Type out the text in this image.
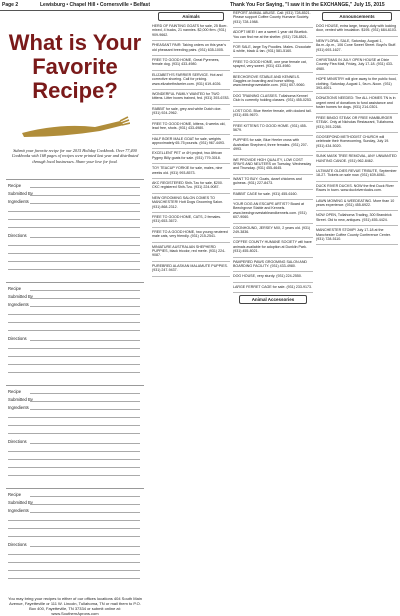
Page 2	Lewisburg • Chapel Hill • Cornersville • Belfast	Thank You For Saying, "I saw it in the EXCHANGE," July 15, 2015
What is Your Favorite Recipe?
Submit your favorite recipe for our 2015 Holiday Cookbook. Over 77,400 Cookbooks with 168 pages of recipes were printed last year and distributed through local businesses. Share your love for food.
Recipe
Submitted By
Ingredients
Directions
Recipe
Submitted By
Ingredients
Directions
Recipe
Submitted By
Ingredients
Directions
Recipe
Submitted By
Ingredients
Directions
You may bring your recipes to either of our offices locations 404 South Main Avenue, Fayetteville or 111 W. Lincoln, Tullahoma, TN or mail them to P.O. Box 400, Fayetteville, TN 37334 or submit online at: www.SouthernAprons.com
Animals
HERD OF FAINTING GOATS for sale, 25 Boer-mixed, 4 bucks, 21 nannies. $2,000 firm. (931) 909-9662.
PHEASANT PAIR: Taking orders on this year's old pheasant breeding pairs. (931) 635-1005.
FREE TO GOOD HOME, Great Pyrenees, female dog. (931) 433-4980.
ELIZABETH'S FARRIER SERVICE. Hot and corrective shoeing. Call for pricing. www.elizabethsfarrier.com. (931) 619-4026.
WONDERFUL FAMILY WANTED for TWO kittens. Litter boxes trained, fed. (931) 393-6783.
RABBIT for sale, grey and white Dutch doe. (931) 924-2962.
FREE TO GOOD HOME, kittens, 6 weeks old, lead free, shots. (931) 433-4980.
HALF BOER MALE GOAT for sale, weights approximately 65-75 pounds. (931) 967-4493.
EXCELLENT PET or 4H project, two African Pygmy Billy goats for sale. (931) 779-3018.
TOY TEACUP YORKIE for sale, males, nine weeks old. (931) 993-8573.
AKC REGISTERED Shih-Tzu for sale, $200. CKC registered Shih-Tzu. (931) 224-9087.
NEW GROOMING SALON COMES TO MANCHESTER! Hott Dogs Grooming Salon. (931) 868-2312.
FREE TO GOOD HOME, CATS, 2 females. (931) 653-3672.
FREE TO A GOOD HOME, two young neutered male cats, very friendly. (931) 215-2541.
MINIATURE AUSTRALIAN SHEPHERD PUPPIES, black tricolor, red merle. (931) 224-9087.
PUREBRED ALASKAN MALAMUTE PUPPIES. (931) 247-9437.
REPORT ANIMAL ABUSE. Call: (931) 728-8521. Please support Coffee County Humane Society. (931) 728-1988.
ADOPT MEE! I am a sweet 1 year old Bluetick. You can find me at the shelter. (931) 728-8521.
FOR SALE, large Toy Poodles. Males. Chocolate & white, black & tan. (931) 581-5160.
FREE TO GOOD HOME, one year female cat, spayed, very sweet. (931) 433-4980.
BEECHGROVE STABLE AND KENNELS. Gaggles on boarding and horse sitting. www.beechgrovestable.com. (931) 607-9060.
DOG TRAINING CLASSES. Tullahoma Kennel Club is currently holding classes. (931) 455-0253.
LOST DOG. Blue Heeler female, with docked tail. (931) 455-9670.
FREE KITTENS TO GOOD HOME. (931) 455-5679.
PUPPIES for sale, Blue Heeler cross with Australian Shepherd, three females. (931) 207-4993.
WE PROVIDE HIGH QUALITY, LOW COST SPAYS AND NEUTERS on Tuesday, Wednesday and Thursday. (931) 455-4645.
WANT TO BUY: Goats, dwarf chickens and guineas. (931) 227-8473.
RABBIT CAGE for sale. (931) 455-6160.
YOUR DOG AN ESCAPE ARTIST? Board at Beechgrove Stable and Kennels. www.beechgrovestableandkennels.com. (931) 607-9060.
COONHOUND, JERSEY MIX, 2 years old. (931) 249-3836.
COFFEE COUNTY HUMANE SOCIETY will have animals available for adoption at Dunklin Park. (931) 455-8021.
PAMPERED PAWS GROOMING SALON AND BOARDING FACILITY. (931) 433-4980.
DOG HOUSE, very sturdy. (931) 224-2550.
LARGE FERRET CAGE for sale. (931) 233-9173.
Animal Accessories
Announcements
DOG HOUSE, extra large, heavy-duty with locking door, vented with insulation. $195. (931) 684-6103.
NEW FLORAL SALE, Saturday, August 1, 8a.m.-4p.m., 106 Cone Sweet Street. Boyd's Stuff. (931) 693-1627.
CHRISTMAS IN JULY OPEN HOUSE at Dixie Country Flea Mall, Friday, July 17-18. (931) 433-4980.
HOPE MINISTRY will give away to the public food, clothing. Saturday, August 1, 9a.m.-Noon. (931) 393-4001.
DONATIONS NEEDED: The ALL HOMES TN is in urgent need of donations to fund assistance and foster homes for dogs. (931) 214-0301.
FREE BINGO STEAK OR FREE HAMBURGER STEAK. Only at Nicholas Restaurant, Tullahoma. (931) 393-2288.
GOOSEPOND METHODIST CHURCH will celebrate their Homecoming, Sunday, July 19. (931) 434-5020.
SUNK MASK TREE REMOVAL, ANY UNWANTED HUNTING CANOE. (931) 962-8462.
ULTIMATE OLDIES REVUE TRIBUTE, September 18-27. Tickets on sale now. (931) 639-6061.
DUCK RIVER DUCKS. NOW the first Duck River Races in town. www.duckriverducks.com.
LAWN MOWING & WEEDEATING. More than 10 years experience. (931) 455-6922.
NOW OPEN, Tullahoma Trading, 300 Brandrick Street. Old to new, antiques. (931) 455-4424.
MANCHESTER STOMP! July 17-18 at the Manchester Coffee County Conference Center. (931) 728-5110.
